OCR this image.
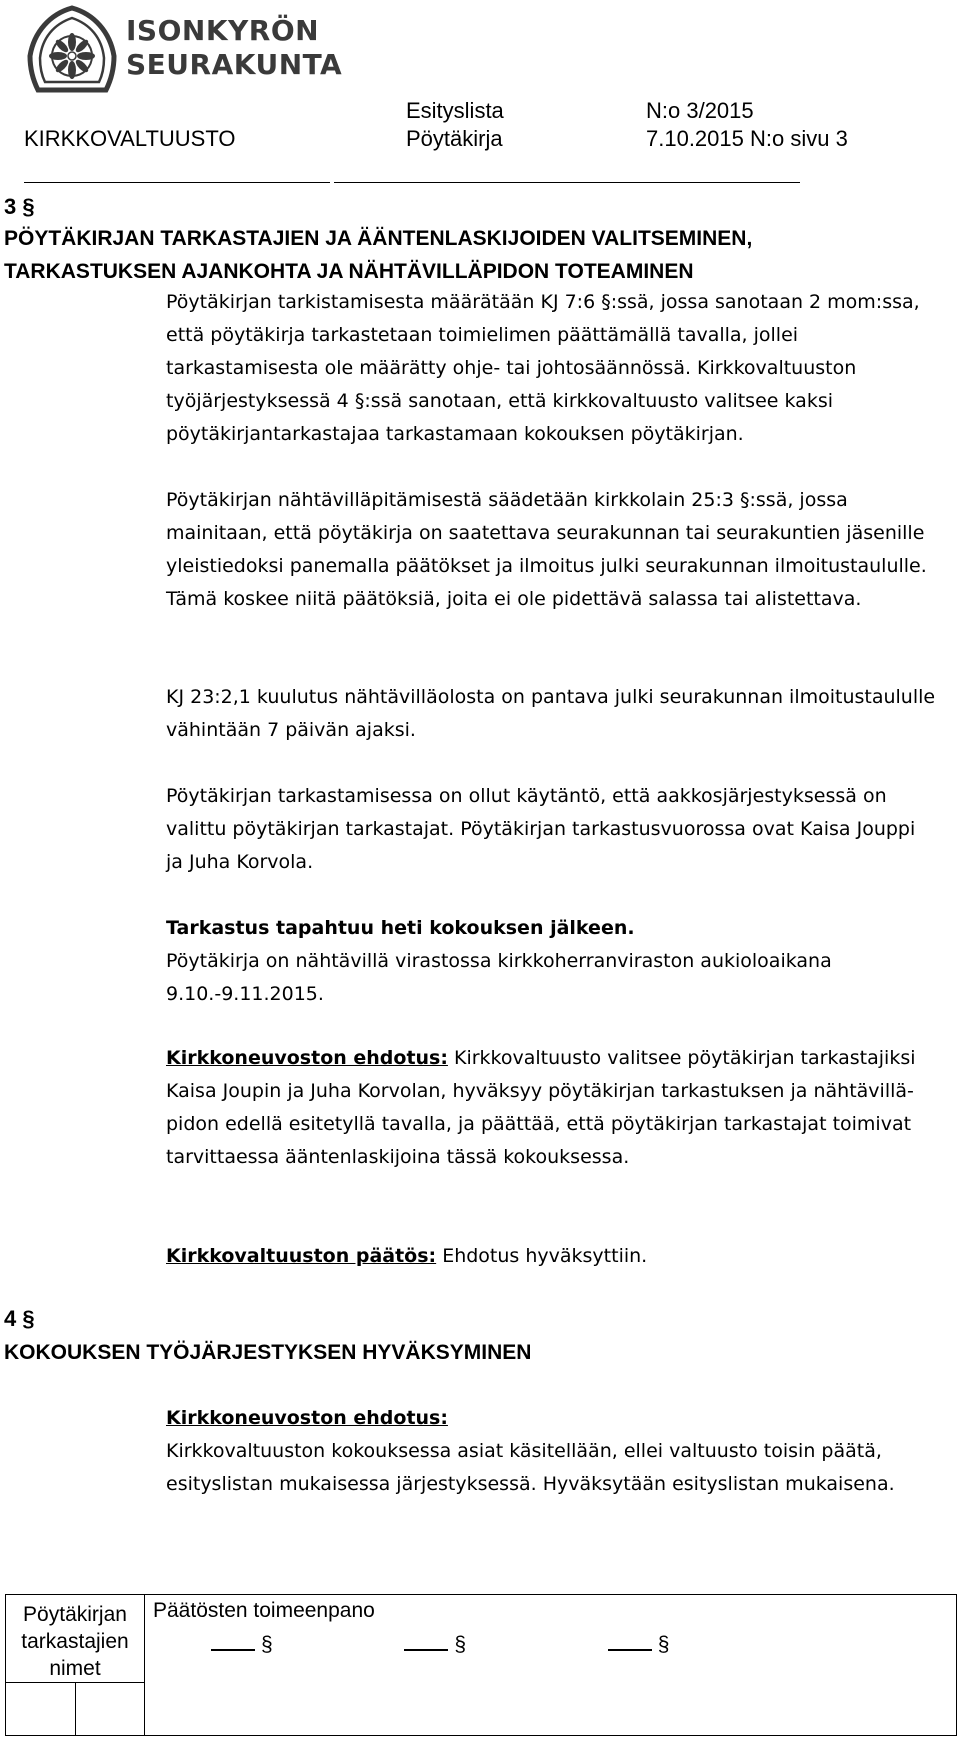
ISONKYRÖN
SEURAKUNTA
Esityslista	N:o 3/2015
KIRKKOVALTUUSTO	Pöytäkirja	7.10.2015 N:o sivu 3
3 §
PÖYTÄKIRJAN TARKASTAJIEN JA ÄÄNTENLASKIJOIDEN VALITSEMINEN,
TARKASTUKSEN AJANKOHTA JA NÄHTÄVILLÄPIDON TOTEAMINEN

Pöytäkirjan tarkistamisesta määrätään KJ 7:6 §:ssä, jossa sanotaan 2 mom:ssa, että pöytäkirja tarkastetaan toimielimen päättämällä tavalla, jollei tarkastamisesta ole määrätty ohje- tai johtosäännössä. Kirkkovaltuuston työjärjestyksessä 4 §:ssä sanotaan, että kirkkovaltuusto valitsee kaksi pöytäkirjantarkastajaa tarkastamaan kokouksen pöytäkirjan.

Pöytäkirjan nähtävilläpitämisestä säädetään kirkkolain 25:3 §:ssä, jossa mainitaan, että pöytäkirja on saatettava seurakunnan tai seurakuntien jäsenille yleistiedoksi panemalla päätökset ja ilmoitus julki seurakunnan ilmoitustaululle. Tämä koskee niitä päätöksiä, joita ei ole pidettävä salassa tai alistettava.

KJ 23:2,1 kuulutus nähtävilläolosta on pantava julki seurakunnan ilmoitustaululle vähintään 7 päivän ajaksi.

Pöytäkirjan tarkastamisessa on ollut käytäntö, että aakkosjärjestyksessä on valittu pöytäkirjan tarkastajat. Pöytäkirjan tarkastusvuorossa ovat Kaisa Jouppi ja Juha Korvola.

Tarkastus tapahtuu heti kokouksen jälkeen.
Pöytäkirja on nähtävillä virastossa kirkkoherranviraston aukioloaikana 9.10.-9.11.2015.

Kirkkoneuvoston ehdotus: Kirkkovaltuusto valitsee pöytäkirjan tarkastajiksi Kaisa Joupin ja Juha Korvolan, hyväksyy pöytäkirjan tarkastuksen ja nähtävilläpidon edellä esitetyllä tavalla, ja päättää, että pöytäkirjan tarkastajat toimivat tarvittaessa ääntenlaskijoina tässä kokouksessa.

Kirkkovaltuuston päätös: Ehdotus hyväksyttiin.

4 §
KOKOUKSEN TYÖJÄRJESTYKSEN HYVÄKSYMINEN
Kirkkoneuvoston ehdotus:
Kirkkovaltuuston kokouksessa asiat käsitellään, ellei valtuusto toisin päätä, esityslistan mukaisessa järjestyksessä. Hyväksytään esityslistan mukaisena.
Pöytäkirjan
tarkastajien
nimet

Päätösten toimeenpano
§	§	§
